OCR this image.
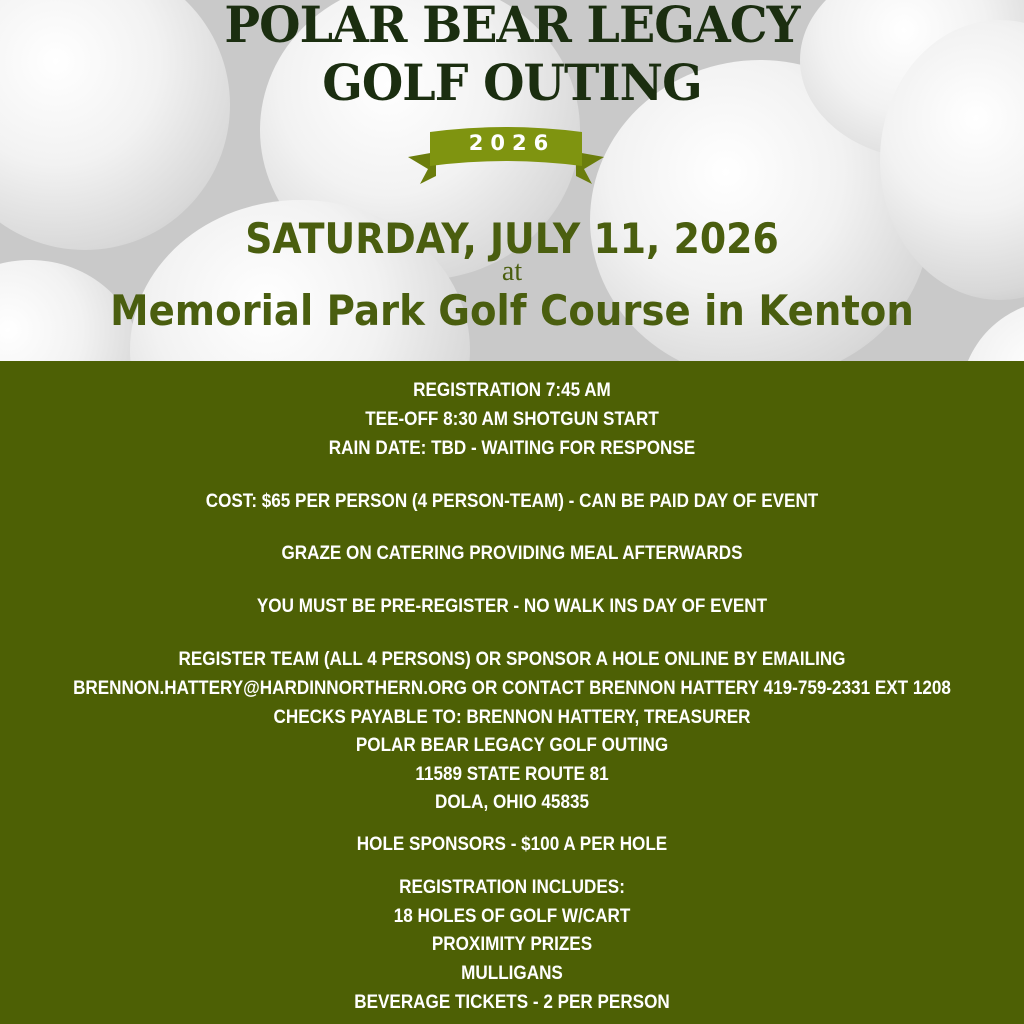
POLAR BEAR LEGACY
GOLF OUTING
2026
SATURDAY, JULY 11, 2026
at
Memorial Park Golf Course in Kenton
REGISTRATION 7:45 AM
TEE-OFF 8:30 AM SHOTGUN START
RAIN DATE: TBD - WAITING FOR RESPONSE
COST: $65 PER PERSON (4 PERSON-TEAM) - CAN BE PAID DAY OF EVENT
GRAZE ON CATERING PROVIDING MEAL AFTERWARDS
YOU MUST BE PRE-REGISTER - NO WALK INS DAY OF EVENT
REGISTER TEAM (ALL 4 PERSONS) OR SPONSOR A HOLE ONLINE BY EMAILING
BRENNON.HATTERY@HARDINNORTHERN.ORG OR CONTACT BRENNON HATTERY 419-759-2331 EXT 1208
CHECKS PAYABLE TO: BRENNON HATTERY, TREASURER
POLAR BEAR LEGACY GOLF OUTING
11589 STATE ROUTE 81
DOLA, OHIO 45835
HOLE SPONSORS - $100 A PER HOLE
REGISTRATION INCLUDES:
18 HOLES OF GOLF W/CART
PROXIMITY PRIZES
MULLIGANS
BEVERAGE TICKETS - 2 PER PERSON
